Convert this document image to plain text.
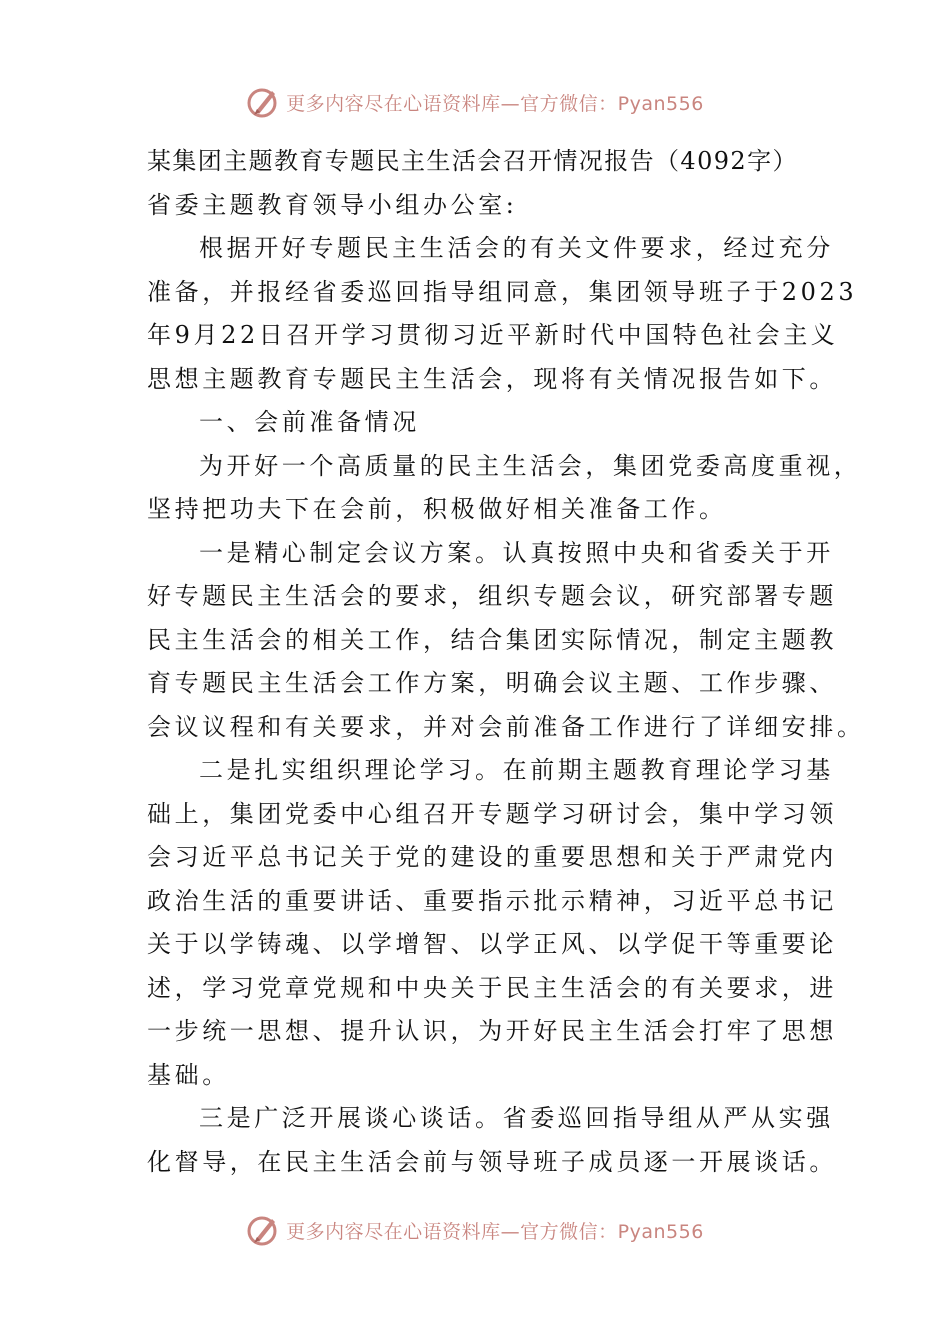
更多内容尽在心语资料库—官方微信：Pyan556
某集团主题教育专题民主生活会召开情况报告（4092字）
省委主题教育领导小组办公室:
根据开好专题民主生活会的有关文件要求，经过充分
准备，并报经省委巡回指导组同意，集团领导班子于2023
年9月22日召开学习贯彻习近平新时代中国特色社会主义
思想主题教育专题民主生活会，现将有关情况报告如下。
一、会前准备情况
为开好一个高质量的民主生活会，集团党委高度重视，
坚持把功夫下在会前，积极做好相关准备工作。
一是精心制定会议方案。认真按照中央和省委关于开
好专题民主生活会的要求，组织专题会议，研究部署专题
民主生活会的相关工作，结合集团实际情况，制定主题教
育专题民主生活会工作方案，明确会议主题、工作步骤、
会议议程和有关要求，并对会前准备工作进行了详细安排。
二是扎实组织理论学习。在前期主题教育理论学习基
础上，集团党委中心组召开专题学习研讨会，集中学习领
会习近平总书记关于党的建设的重要思想和关于严肃党内
政治生活的重要讲话、重要指示批示精神，习近平总书记
关于以学铸魂、以学增智、以学正风、以学促干等重要论
述，学习党章党规和中央关于民主生活会的有关要求，进
一步统一思想、提升认识，为开好民主生活会打牢了思想
基础。
三是广泛开展谈心谈话。省委巡回指导组从严从实强
化督导，在民主生活会前与领导班子成员逐一开展谈话。
更多内容尽在心语资料库—官方微信：Pyan556
